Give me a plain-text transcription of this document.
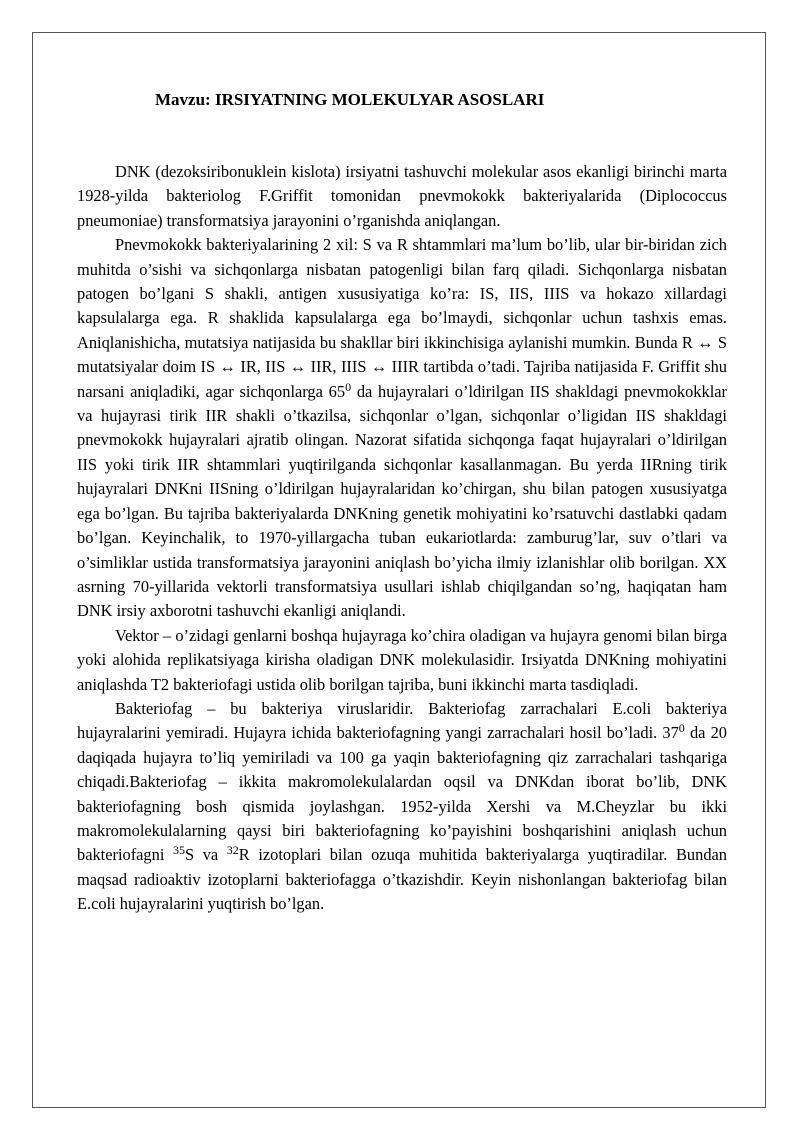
Mavzu: IRSIYATNING MOLEKULYAR ASOSLARI

DNK (dezoksiribonuklein kislota) irsiyatni tashuvchi molekular asos ekanligi birinchi marta 1928-yilda bakteriolog F.Griffit tomonidan pnevmokokk bakteriyalarida (Diplococcus pneumoniae) transformatsiya jarayonini o’rganishda aniqlangan.

Pnevmokokk bakteriyalarining 2 xil: S va R shtammlari ma’lum bo’lib, ular bir-biridan zich muhitda o’sishi va sichqonlarga nisbatan patogenligi bilan farq qiladi. Sichqonlarga nisbatan patogen bo’lgani S shakli, antigen xususiyatiga ko’ra: IS, IIS, IIIS va hokazo xillardagi kapsulalarga ega. R shaklida kapsulalarga ega bo’lmaydi, sichqonlar uchun tashxis emas. Aniqlanishicha, mutatsiya natijasida bu shakllar biri ikkinchisiga aylanishi mumkin. Bunda R ↔ S mutatsiyalar doim IS ↔ IR, IIS ↔ IIR, IIIS ↔ IIIR tartibda o’tadi. Tajriba natijasida F. Griffit shu narsani aniqladiki, agar sichqonlarga $65^0$ da hujayralari o’ldirilgan IIS shakldagi pnevmokokklar va hujayrasi tirik IIR shakli o’tkazilsa, sichqonlar o’lgan, sichqonlar o’ligidan IIS shakldagi pnevmokokk hujayralari ajratib olingan. Nazorat sifatida sichqonga faqat hujayralari o’ldirilgan IIS yoki tirik IIR shtammlari yuqtirilganda sichqonlar kasallanmagan. Bu yerda IIRning tirik hujayralari DNKni IISning o’ldirilgan hujayralaridan ko’chirgan, shu bilan patogen xususiyatga ega bo’lgan. Bu tajriba bakteriyalarda DNKning genetik mohiyatini ko’rsatuvchi dastlabki qadam bo’lgan. Keyinchalik, to 1970-yillargacha tuban eukariotlarda: zamburug’lar, suv o’tlari va o’simliklar ustida transformatsiya jarayonini aniqlash bo’yicha ilmiy izlanishlar olib borilgan. XX asrning 70-yillarida vektorli transformatsiya usullari ishlab chiqilgandan so’ng, haqiqatan ham DNK irsiy axborotni tashuvchi ekanligi aniqlandi.

Vektor – o’zidagi genlarni boshqa hujayraga ko’chira oladigan va hujayra genomi bilan birga yoki alohida replikatsiyaga kirisha oladigan DNK molekulasidir. Irsiyatda DNKning mohiyatini aniqlashda T2 bakteriofagi ustida olib borilgan tajriba, buni ikkinchi marta tasdiqladi.

Bakteriofag – bu bakteriya viruslaridir. Bakteriofag zarrachalari E.coli bakteriya hujayralarini yemiradi. Hujayra ichida bakteriofagning yangi zarrachalari hosil bo’ladi. $37^0$ da 20 daqiqada hujayra to’liq yemiriladi va 100 ga yaqin bakteriofagning qiz zarrachalari tashqariga chiqadi.Bakteriofag – ikkita makromolekulalardan oqsil va DNKdan iborat bo’lib, DNK bakteriofagning bosh qismida joylashgan. 1952-yilda Xershi va M.Cheyzlar bu ikki makromolekulalarning qaysi biri bakteriofagning ko’payishini boshqarishini aniqlash uchun bakteriofagni $^{35}$S va $^{32}$R izotoplari bilan ozuqa muhitida bakteriyalarga yuqtiradilar. Bundan maqsad radioaktiv izotoplarni bakteriofagga o’tkazishdir. Keyin nishonlangan bakteriofag bilan E.coli hujayralarini yuqtirish bo’lgan.
